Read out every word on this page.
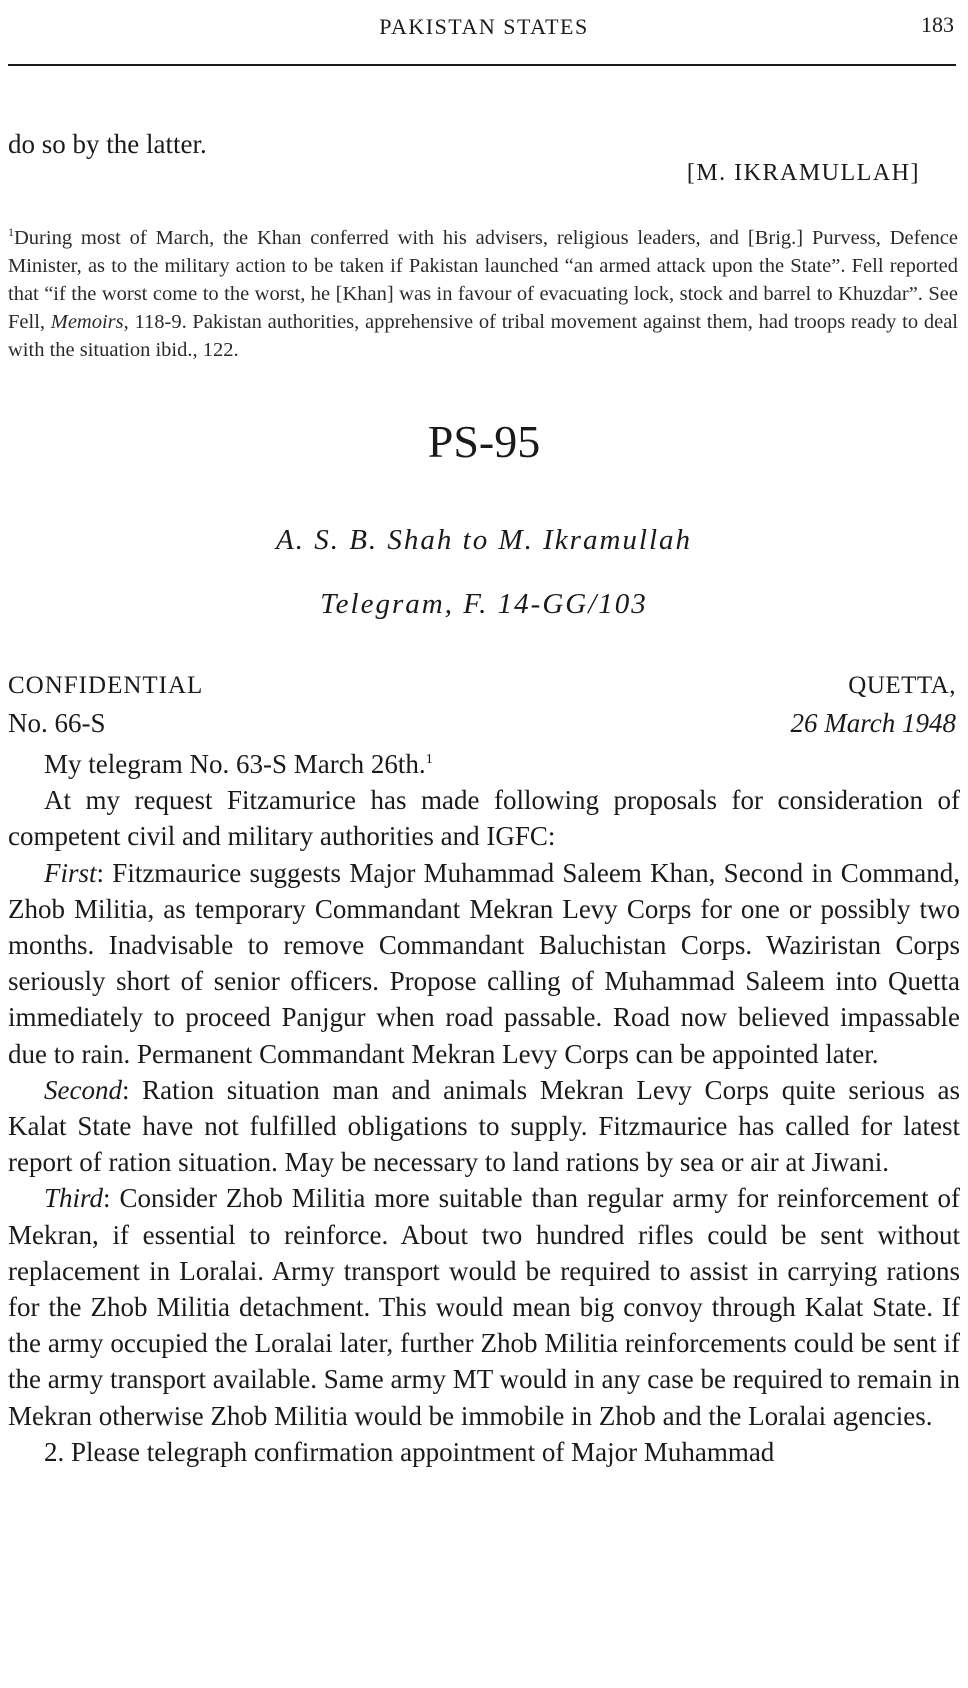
PAKISTAN STATES	183
do so by the latter.
[M. IKRAMULLAH]
$^1$During most of March, the Khan conferred with his advisers, religious leaders, and [Brig.] Purvess, Defence Minister, as to the military action to be taken if Pakistan launched “an armed attack upon the State”. Fell reported that “if the worst come to the worst, he [Khan] was in favour of evacuating lock, stock and barrel to Khuzdar”. See Fell, Memoirs, 118-9. Pakistan authorities, apprehensive of tribal movement against them, had troops ready to deal with the situation ibid., 122.
PS-95
A. S. B. Shah to M. Ikramullah
Telegram, F. 14-GG/103
CONFIDENTIAL
No. 66-S
QUETTA,
26 March 1948

My telegram No. 63-S March 26th.$^1$

At my request Fitzamurice has made following proposals for consideration of competent civil and military authorities and IGFC:

First: Fitzmaurice suggests Major Muhammad Saleem Khan, Second in Command, Zhob Militia, as temporary Commandant Mekran Levy Corps for one or possibly two months. Inadvisable to remove Commandant Baluchistan Corps. Waziristan Corps seriously short of senior officers. Propose calling of Muhammad Saleem into Quetta immediately to proceed Panjgur when road passable. Road now believed impassable due to rain. Permanent Commandant Mekran Levy Corps can be appointed later.

Second: Ration situation man and animals Mekran Levy Corps quite serious as Kalat State have not fulfilled obligations to supply. Fitzmaurice has called for latest report of ration situation. May be necessary to land rations by sea or air at Jiwani.

Third: Consider Zhob Militia more suitable than regular army for reinforcement of Mekran, if essential to reinforce. About two hundred rifles could be sent without replacement in Loralai. Army transport would be required to assist in carrying rations for the Zhob Militia detachment. This would mean big convoy through Kalat State. If the army occupied the Loralai later, further Zhob Militia reinforcements could be sent if the army transport available. Same army MT would in any case be required to remain in Mekran otherwise Zhob Militia would be immobile in Zhob and the Loralai agencies.

2. Please telegraph confirmation appointment of Major Muhammad
